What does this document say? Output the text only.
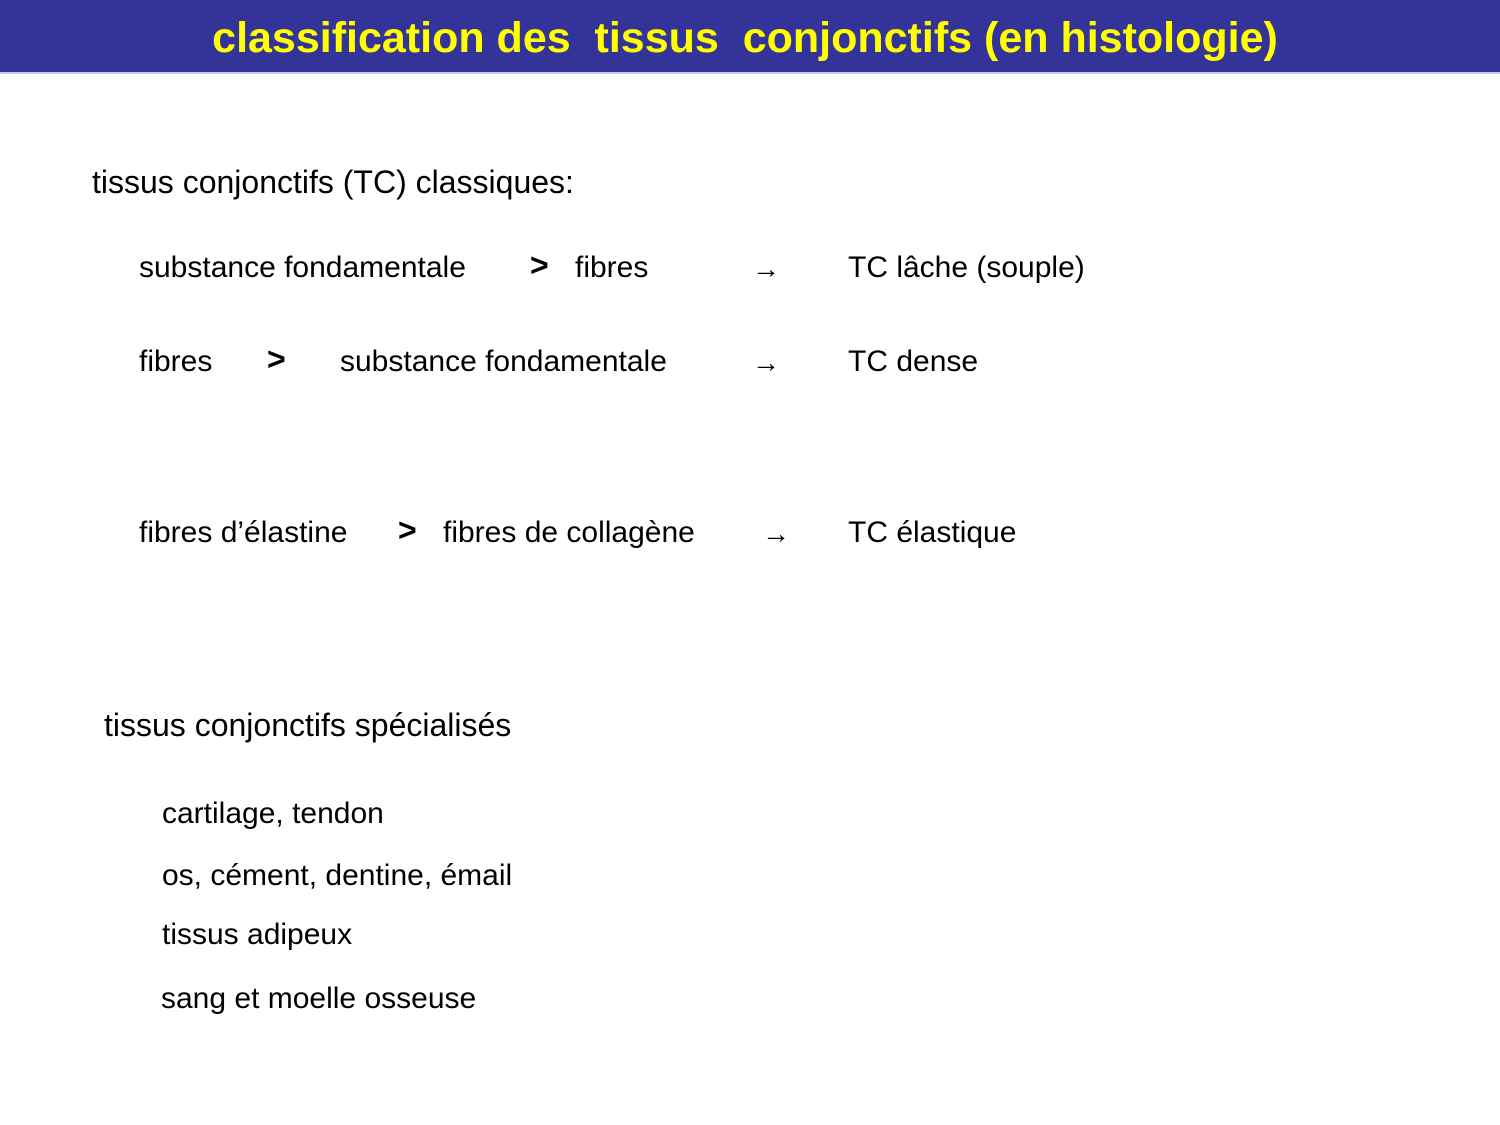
classification des  tissus  conjonctifs (en histologie)
tissus conjonctifs (TC) classiques:
substance fondamentale > fibres	→ TC lâche (souple)
fibres > substance fondamentale	→ TC dense
fibres d’élastine > fibres de collagène → TC élastique
tissus conjonctifs spécialisés
cartilage, tendon
os, cément, dentine, émail
tissus adipeux
sang et moelle osseuse
